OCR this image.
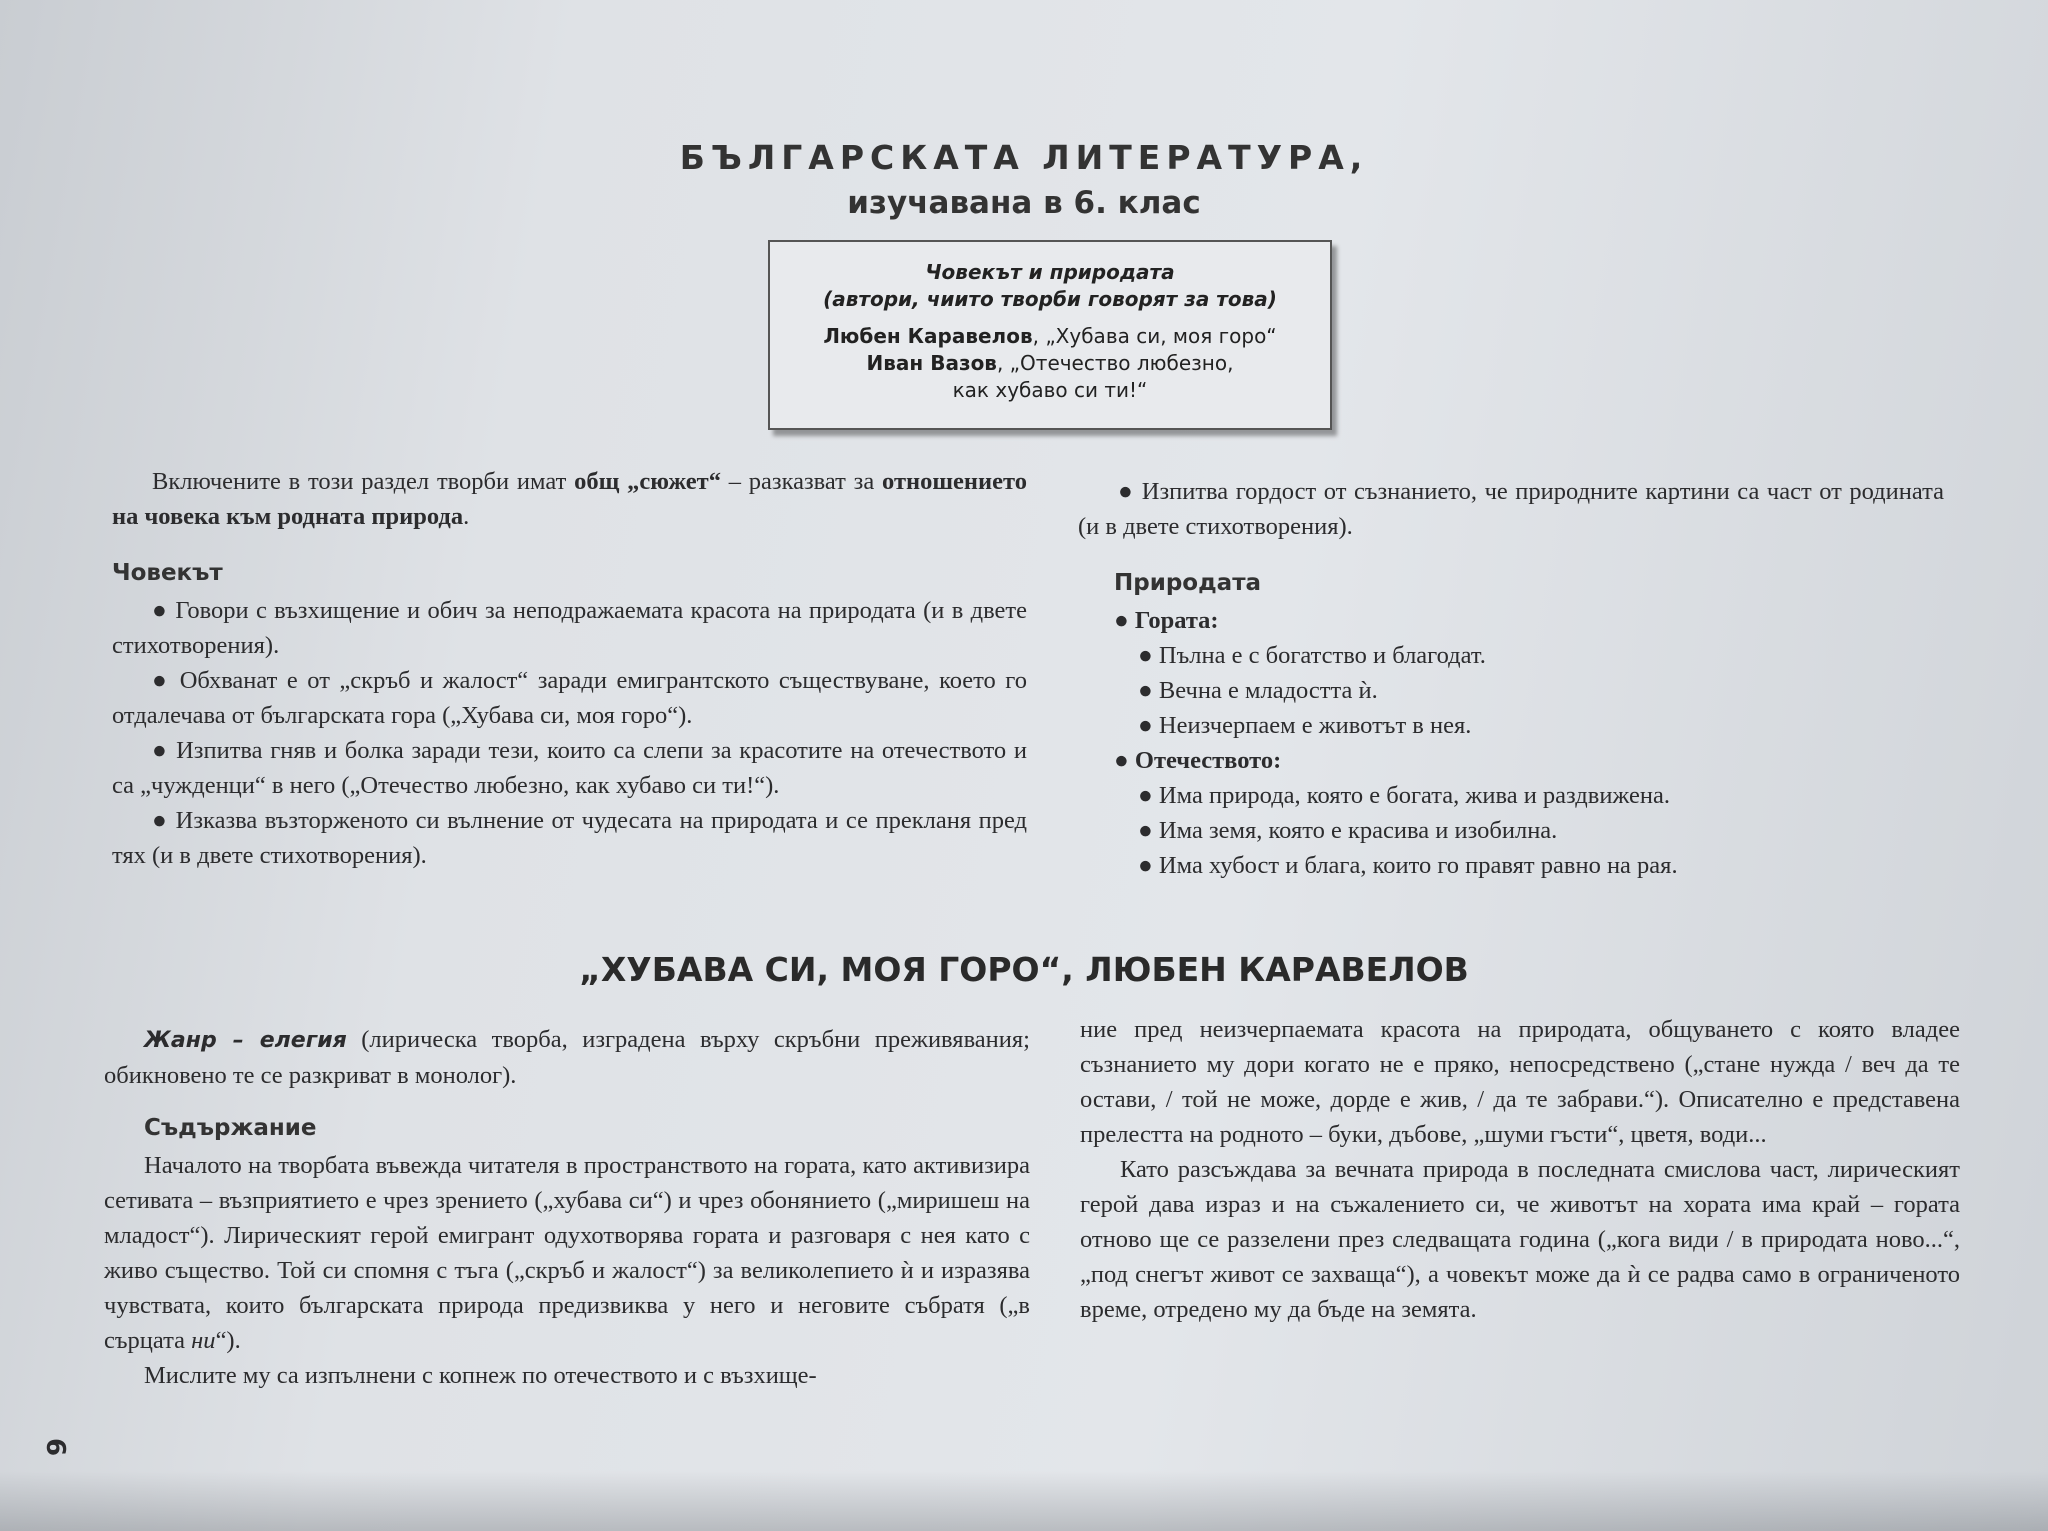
БЪЛГАРСКАТА ЛИТЕРАТУРА,
изучавана в 6. клас

Човекът и природата

(автори, чиито творби говорят за това)

Любен Каравелов, „Хубава си, моя горо“

Иван Вазов, „Отечество любезно,

как хубаво си ти!“

Включените в този раздел творби имат общ „сюжет“ – разказват за отношението на човека към родната природа.

Човекът

● Говори с възхищение и обич за неподражаемата красота на природата (и в двете стихотворения).

● Обхванат е от „скръб и жалост“ заради емигрантското съществуване, което го отдалечава от българската гора („Хубава си, моя горо“).

● Изпитва гняв и болка заради тези, които са слепи за красотите на отечеството и са „чужденци“ в него („Отечество любезно, как хубаво си ти!“).

● Изказва възторженото си вълнение от чудесата на природата и се прекланя пред тях (и в двете стихотворения).

● Изпитва гордост от съзнанието, че природните картини са част от родината (и в двете стихотворения).

Природата

● Гората:

● Пълна е с богатство и благодат.

● Вечна е младостта ѝ.

● Неизчерпаем е животът в нея.

● Отечеството:

● Има природа, която е богата, жива и раздвижена.

● Има земя, която е красива и изобилна.

● Има хубост и блага, които го правят равно на рая.

„ХУБАВА СИ, МОЯ ГОРО“, ЛЮБЕН КАРАВЕЛОВ

Жанр – елегия (лирическа творба, изградена върху скръбни преживявания; обикновено те се разкриват в монолог).

Съдържание

Началото на творбата въвежда читателя в пространството на гората, като активизира сетивата – възприятието е чрез зрението („хубава си“) и чрез обонянието („миришеш на младост“). Лирическият герой емигрант одухотворява гората и разговаря с нея като с живо същество. Той си спомня с тъга („скръб и жалост“) за великолепието ѝ и изразява чувствата, които българската природа предизвиква у него и неговите събратя („в сърцата ни“).

Мислите му са изпълнени с копнеж по отечеството и с възхище-

ние пред неизчерпаемата красота на природата, общуването с която владее съзнанието му дори когато не е пряко, непосредствено („стане нужда / веч да те остави, / той не може, дорде е жив, / да те забрави.“). Описателно е представена прелестта на родното – буки, дъбове, „шуми гъсти“, цветя, води...

Като разсъждава за вечната природа в последната смислова част, лирическият герой дава израз и на съжалението си, че животът на хората има край – гората отново ще се раззелени през следващата година („кога види / в природата ново...“, „под снегът живот се захваща“), а човекът може да ѝ се радва само в ограниченото време, отредено му да бъде на земята.

6
